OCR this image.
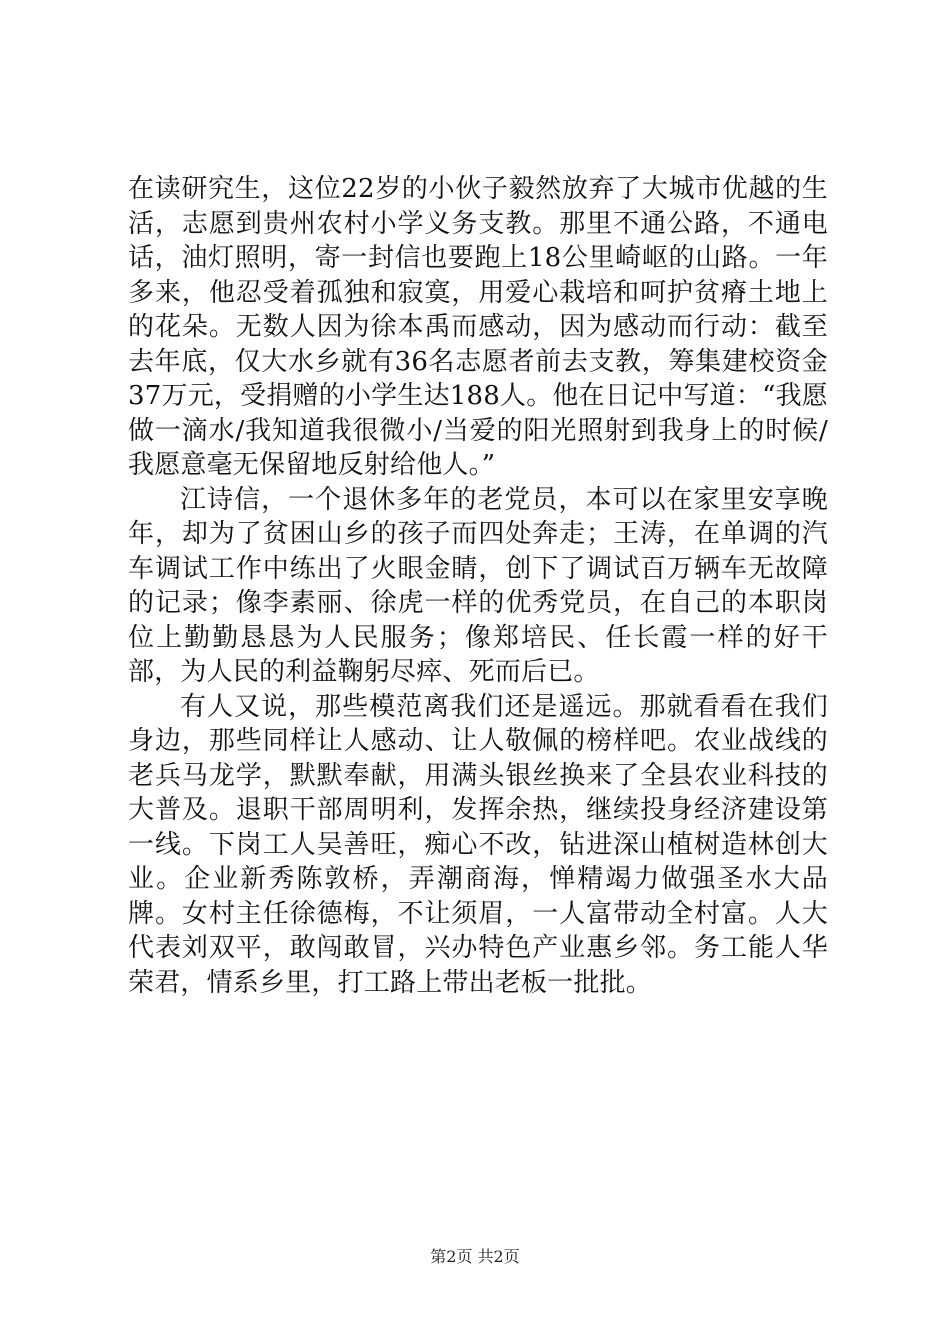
在读研究生，这位22岁的小伙子毅然放弃了大城市优越的生活，志愿到贵州农村小学义务支教。那里不通公路，不通电话，油灯照明，寄一封信也要跑上18公里崎岖的山路。一年多来，他忍受着孤独和寂寞，用爱心栽培和呵护贫瘠土地上的花朵。无数人因为徐本禹而感动，因为感动而行动：截至去年底，仅大水乡就有36名志愿者前去支教，筹集建校资金37万元，受捐赠的小学生达188人。他在日记中写道：“我愿做一滴水/我知道我很微小/当爱的阳光照射到我身上的时候/我愿意毫无保留地反射给他人。”

江诗信，一个退休多年的老党员，本可以在家里安享晚年，却为了贫困山乡的孩子而四处奔走；王涛，在单调的汽车调试工作中练出了火眼金睛，创下了调试百万辆车无故障的记录；像李素丽、徐虎一样的优秀党员，在自己的本职岗位上勤勤恳恳为人民服务；像郑培民、任长霞一样的好干部，为人民的利益鞠躬尽瘁、死而后已。

有人又说，那些模范离我们还是遥远。那就看看在我们身边，那些同样让人感动、让人敬佩的榜样吧。农业战线的老兵马龙学，默默奉献，用满头银丝换来了全县农业科技的大普及。退职干部周明利，发挥余热，继续投身经济建设第一线。下岗工人吴善旺，痴心不改，钻进深山植树造林创大业。企业新秀陈敦桥，弄潮商海，惮精竭力做强圣水大品牌。女村主任徐德梅，不让须眉，一人富带动全村富。人大代表刘双平，敢闯敢冒，兴办特色产业惠乡邻。务工能人华荣君，情系乡里，打工路上带出老板一批批。

第2页 共2页
